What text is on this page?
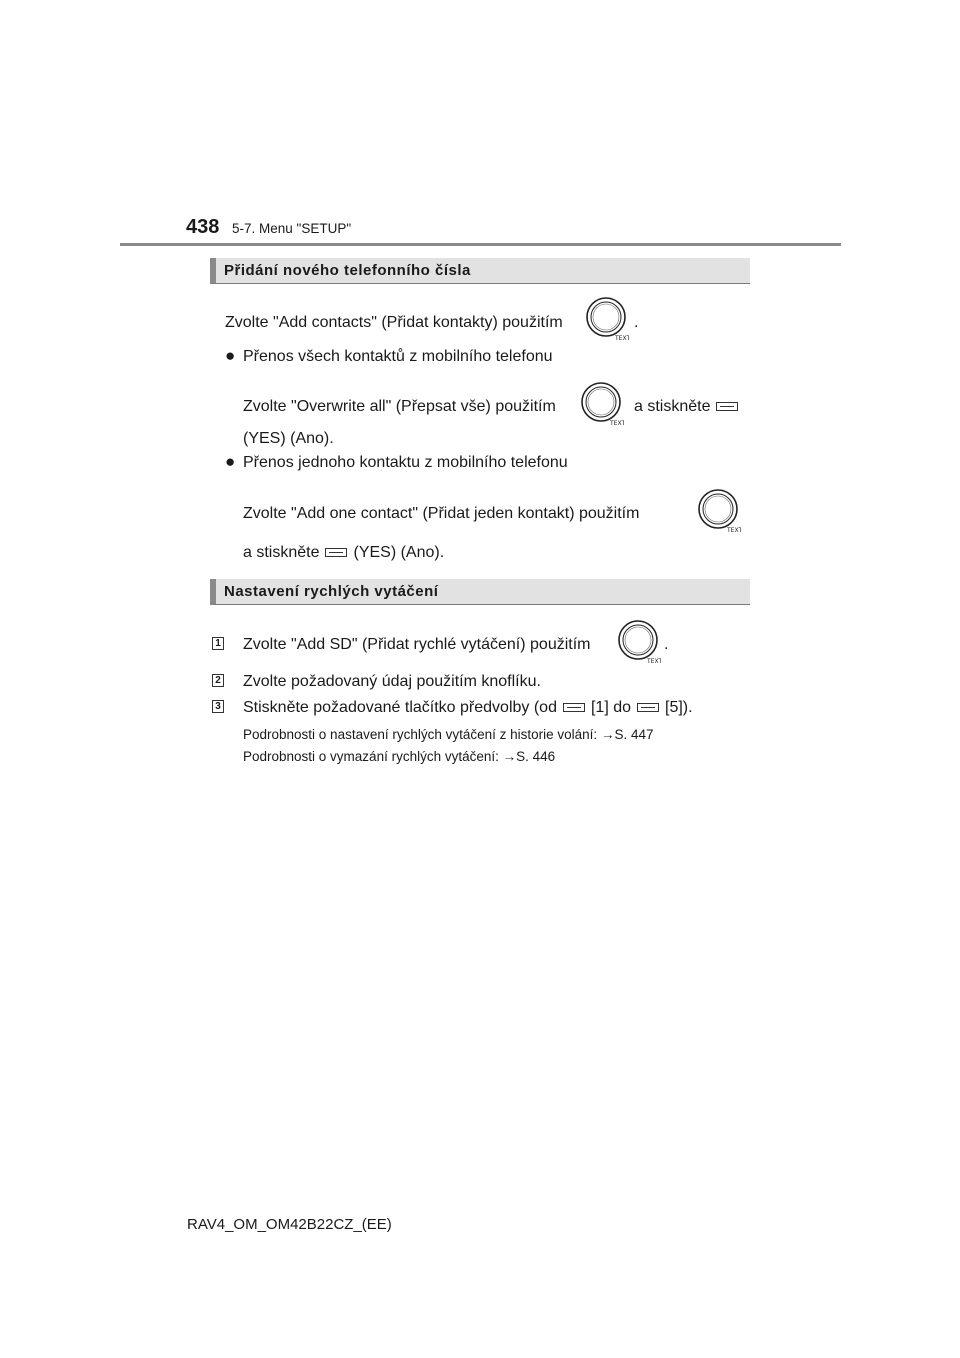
438 5-7. Menu "SETUP"
Přidání nového telefonního čísla
Zvolte "Add contacts" (Přidat kontakty) použitím
TEXT
.
● Přenos všech kontaktů z mobilního telefonu
Zvolte "Overwrite all" (Přepsat vše) použitím
TEXT
a stiskněte
(YES) (Ano).
● Přenos jednoho kontaktu z mobilního telefonu
Zvolte "Add one contact" (Přidat jeden kontakt) použitím
TEXT
a stiskněte (YES) (Ano).
Nastavení rychlých vytáčení
1 Zvolte "Add SD" (Přidat rychlé vytáčení) použitím
TEXT
.
2 Zvolte požadovaný údaj použitím knoflíku.
3 Stiskněte požadované tlačítko předvolby (od [1] do [5]).
Podrobnosti o nastavení rychlých vytáčení z historie volání: →S. 447
Podrobnosti o vymazání rychlých vytáčení: →S. 446
RAV4_OM_OM42B22CZ_(EE)
